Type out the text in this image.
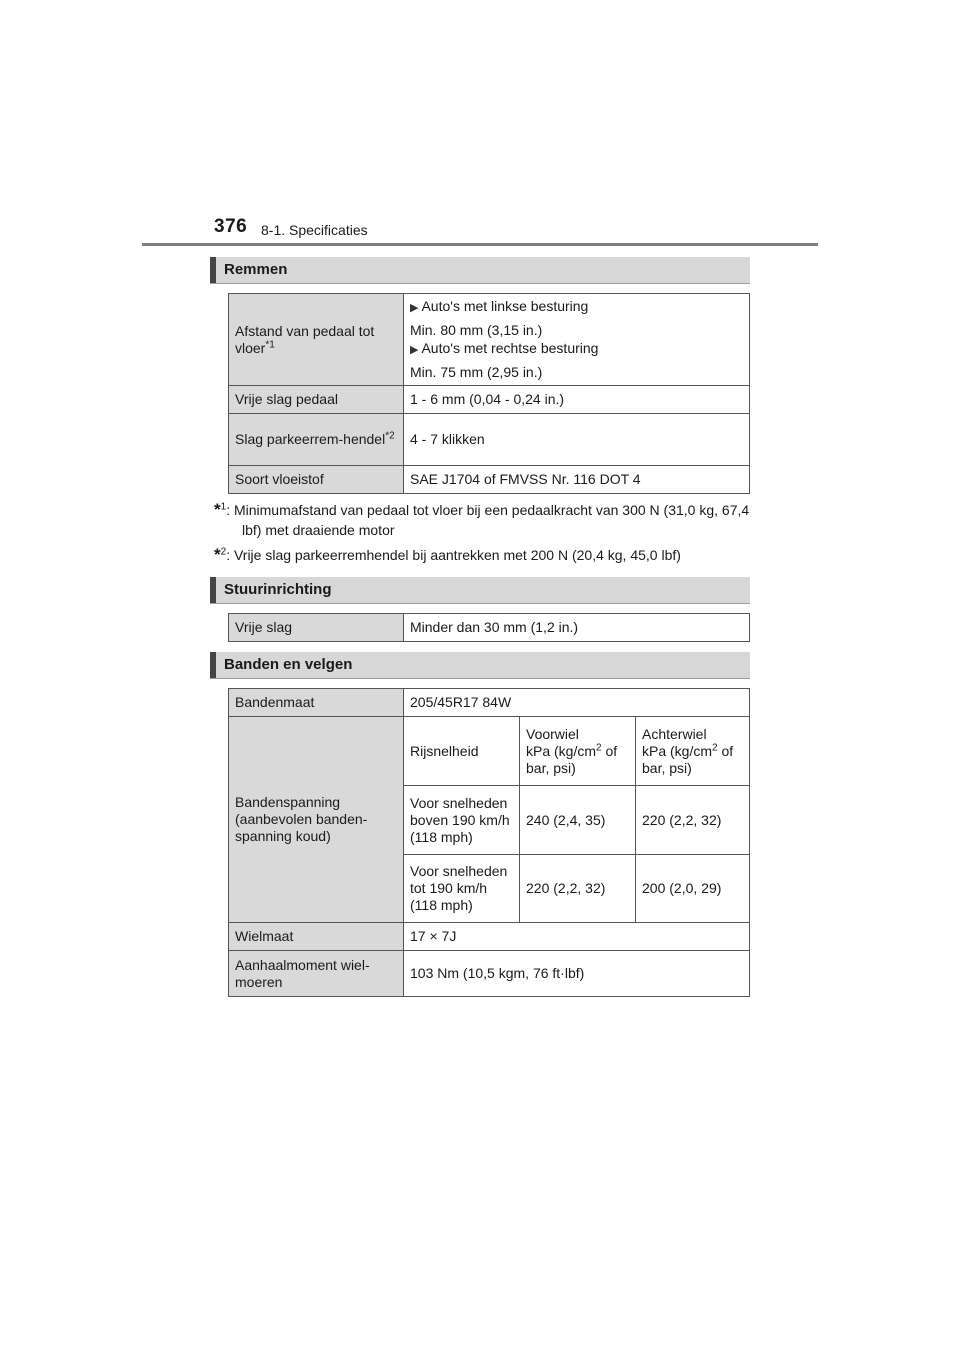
376 8-1. Specificaties
Remmen
Afstand van pedaal tot vloer$^{*1}$	▶ Auto's met linkse besturing
Min. 80 mm (3,15 in.)
▶ Auto's met rechtse besturing
Min. 75 mm (2,95 in.)

Vrije slag pedaal	1 - 6 mm (0,04 - 0,24 in.)
Slag parkeerrem-hendel$^{*2}$	4 - 7 klikken
Soort vloeistof	SAE J1704 of FMVSS Nr. 116 DOT 4
*$^1$: Minimumafstand van pedaal tot vloer bij een pedaalkracht van 300 N (31,0 kg, 67,4 lbf) met draaiende motor
*$^2$: Vrije slag parkeerremhendel bij aantrekken met 200 N (20,4 kg, 45,0 lbf)
Stuurinrichting
Vrije slag	Minder dan 30 mm (1,2 in.)
Banden en velgen
Bandenmaat	205/45R17 84W		
Bandenspanning (aanbevolen banden-spanning koud)	Rijsnelheid	Voorwiel
kPa ($kg/cm^2$ of
bar, psi)	Achterwiel
kPa ($kg/cm^2$ of
bar, psi)
	Voor snelheden boven 190 km/h (118 mph)	240 (2,4, 35)	220 (2,2, 32)
	Voor snelheden tot 190 km/h (118 mph)	220 (2,2, 32)	200 (2,0, 29)
Wielmaat	17 × 7J		
Aanhaalmoment wiel-moeren	103 Nm (10,5 kgm, 76 ft·lbf)		
